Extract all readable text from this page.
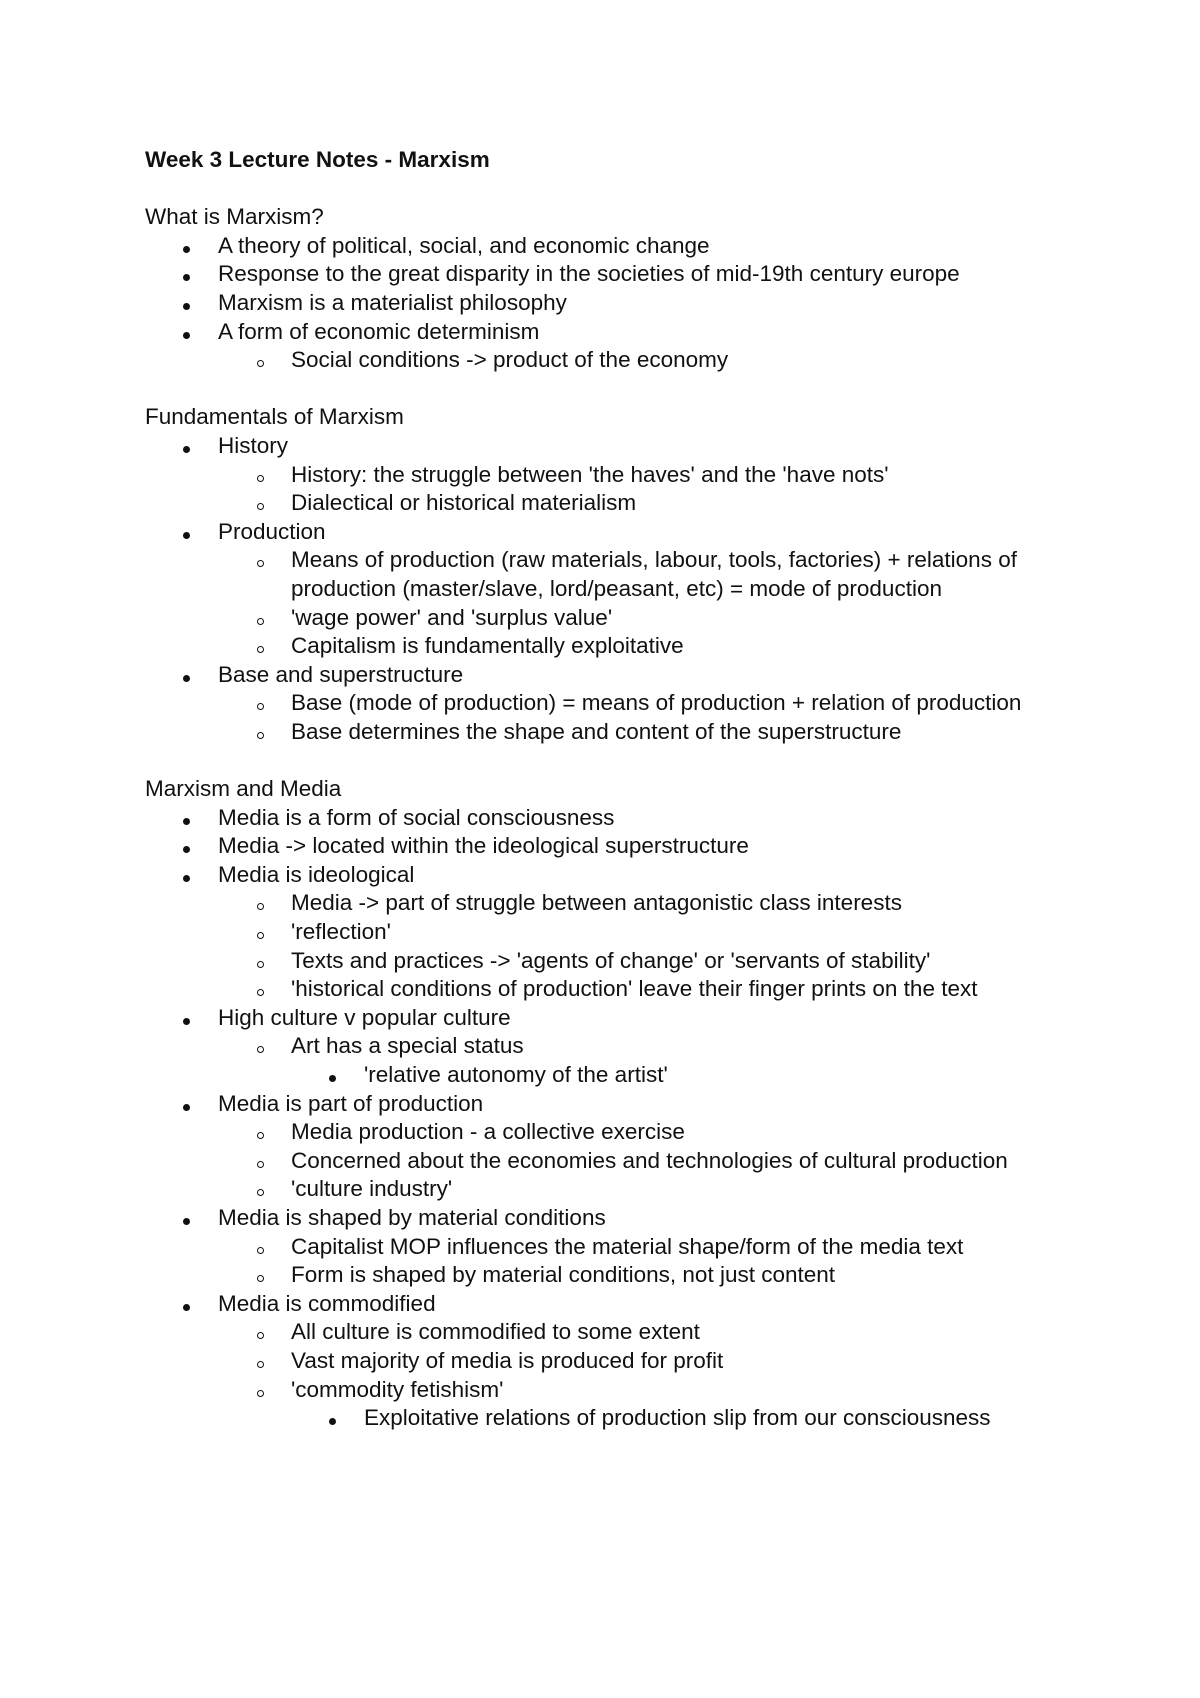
Week 3 Lecture Notes - Marxism
What is Marxism?
A theory of political, social, and economic change
Response to the great disparity in the societies of mid-19th century europe
Marxism is a materialist philosophy
A form of economic determinism
Social conditions -> product of the economy
Fundamentals of Marxism
History
History: the struggle between 'the haves' and the 'have nots'
Dialectical or historical materialism
Production
Means of production (raw materials, labour, tools, factories) + relations of production (master/slave, lord/peasant, etc) = mode of production
'wage power' and 'surplus value'
Capitalism is fundamentally exploitative
Base and superstructure
Base (mode of production) = means of production + relation of production
Base determines the shape and content of the superstructure
Marxism and Media
Media is a form of social consciousness
Media -> located within the ideological superstructure
Media is ideological
Media -> part of struggle between antagonistic class interests
'reflection'
Texts and practices -> 'agents of change' or 'servants of stability'
'historical conditions of production' leave their finger prints on the text
High culture v popular culture
Art has a special status
'relative autonomy of the artist'
Media is part of production
Media production - a collective exercise
Concerned about the economies and technologies of cultural production
'culture industry'
Media is shaped by material conditions
Capitalist MOP influences the material shape/form of the media text
Form is shaped by material conditions, not just content
Media is commodified
All culture is commodified to some extent
Vast majority of media is produced for profit
'commodity fetishism'
Exploitative relations of production slip from our consciousness
